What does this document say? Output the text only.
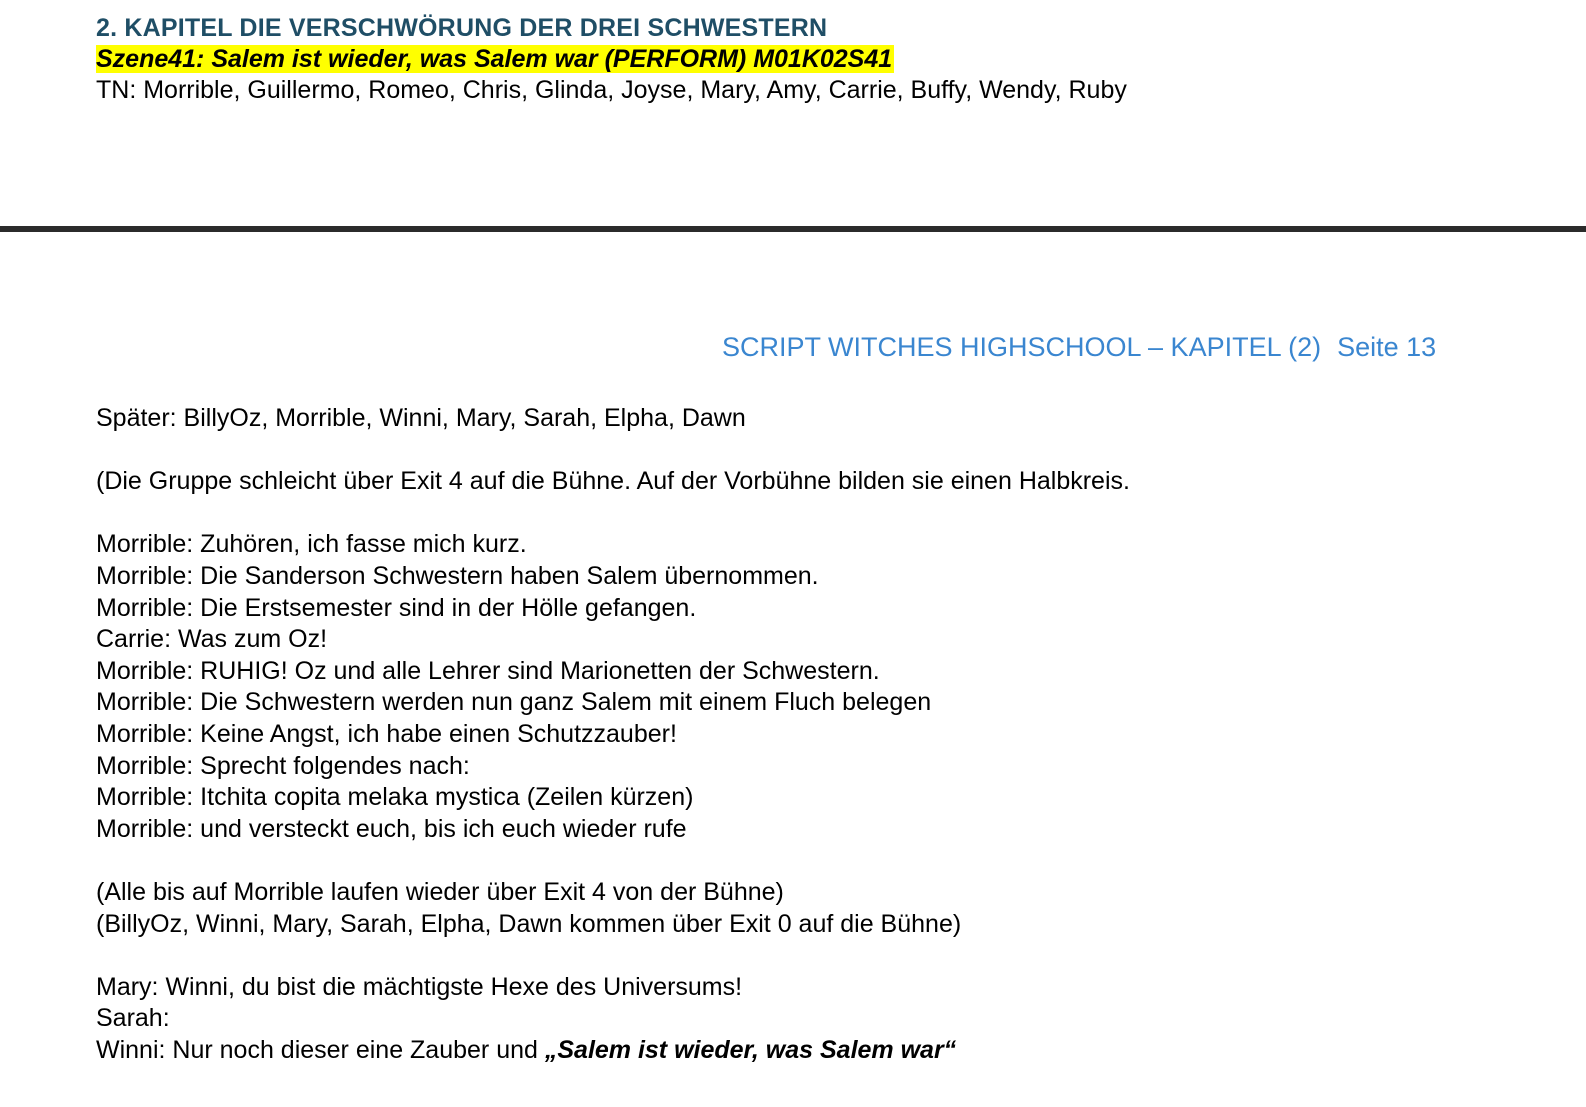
2. KAPITEL DIE VERSCHWÖRUNG DER DREI SCHWESTERN
Szene41: Salem ist wieder, was Salem war (PERFORM) M01K02S41
TN: Morrible, Guillermo, Romeo, Chris, Glinda, Joyse, Mary, Amy, Carrie, Buffy, Wendy, Ruby
SCRIPT WITCHES HIGHSCHOOL – KAPITEL (2) Seite 13
Später: BillyOz, Morrible, Winni, Mary, Sarah, Elpha, Dawn
(Die Gruppe schleicht über Exit 4 auf die Bühne. Auf der Vorbühne bilden sie einen Halbkreis.
Morrible: Zuhören, ich fasse mich kurz.
Morrible: Die Sanderson Schwestern haben Salem übernommen.
Morrible: Die Erstsemester sind in der Hölle gefangen.
Carrie: Was zum Oz!
Morrible: RUHIG! Oz und alle Lehrer sind Marionetten der Schwestern.
Morrible: Die Schwestern werden nun ganz Salem mit einem Fluch belegen
Morrible: Keine Angst, ich habe einen Schutzzauber!
Morrible: Sprecht folgendes nach:
Morrible: Itchita copita melaka mystica (Zeilen kürzen)
Morrible: und versteckt euch, bis ich euch wieder rufe
(Alle bis auf Morrible laufen wieder über Exit 4 von der Bühne)
(BillyOz, Winni, Mary, Sarah, Elpha, Dawn kommen über Exit 0 auf die Bühne)
Mary: Winni, du bist die mächtigste Hexe des Universums!
Sarah:
Winni: Nur noch dieser eine Zauber und „Salem ist wieder, was Salem war“
